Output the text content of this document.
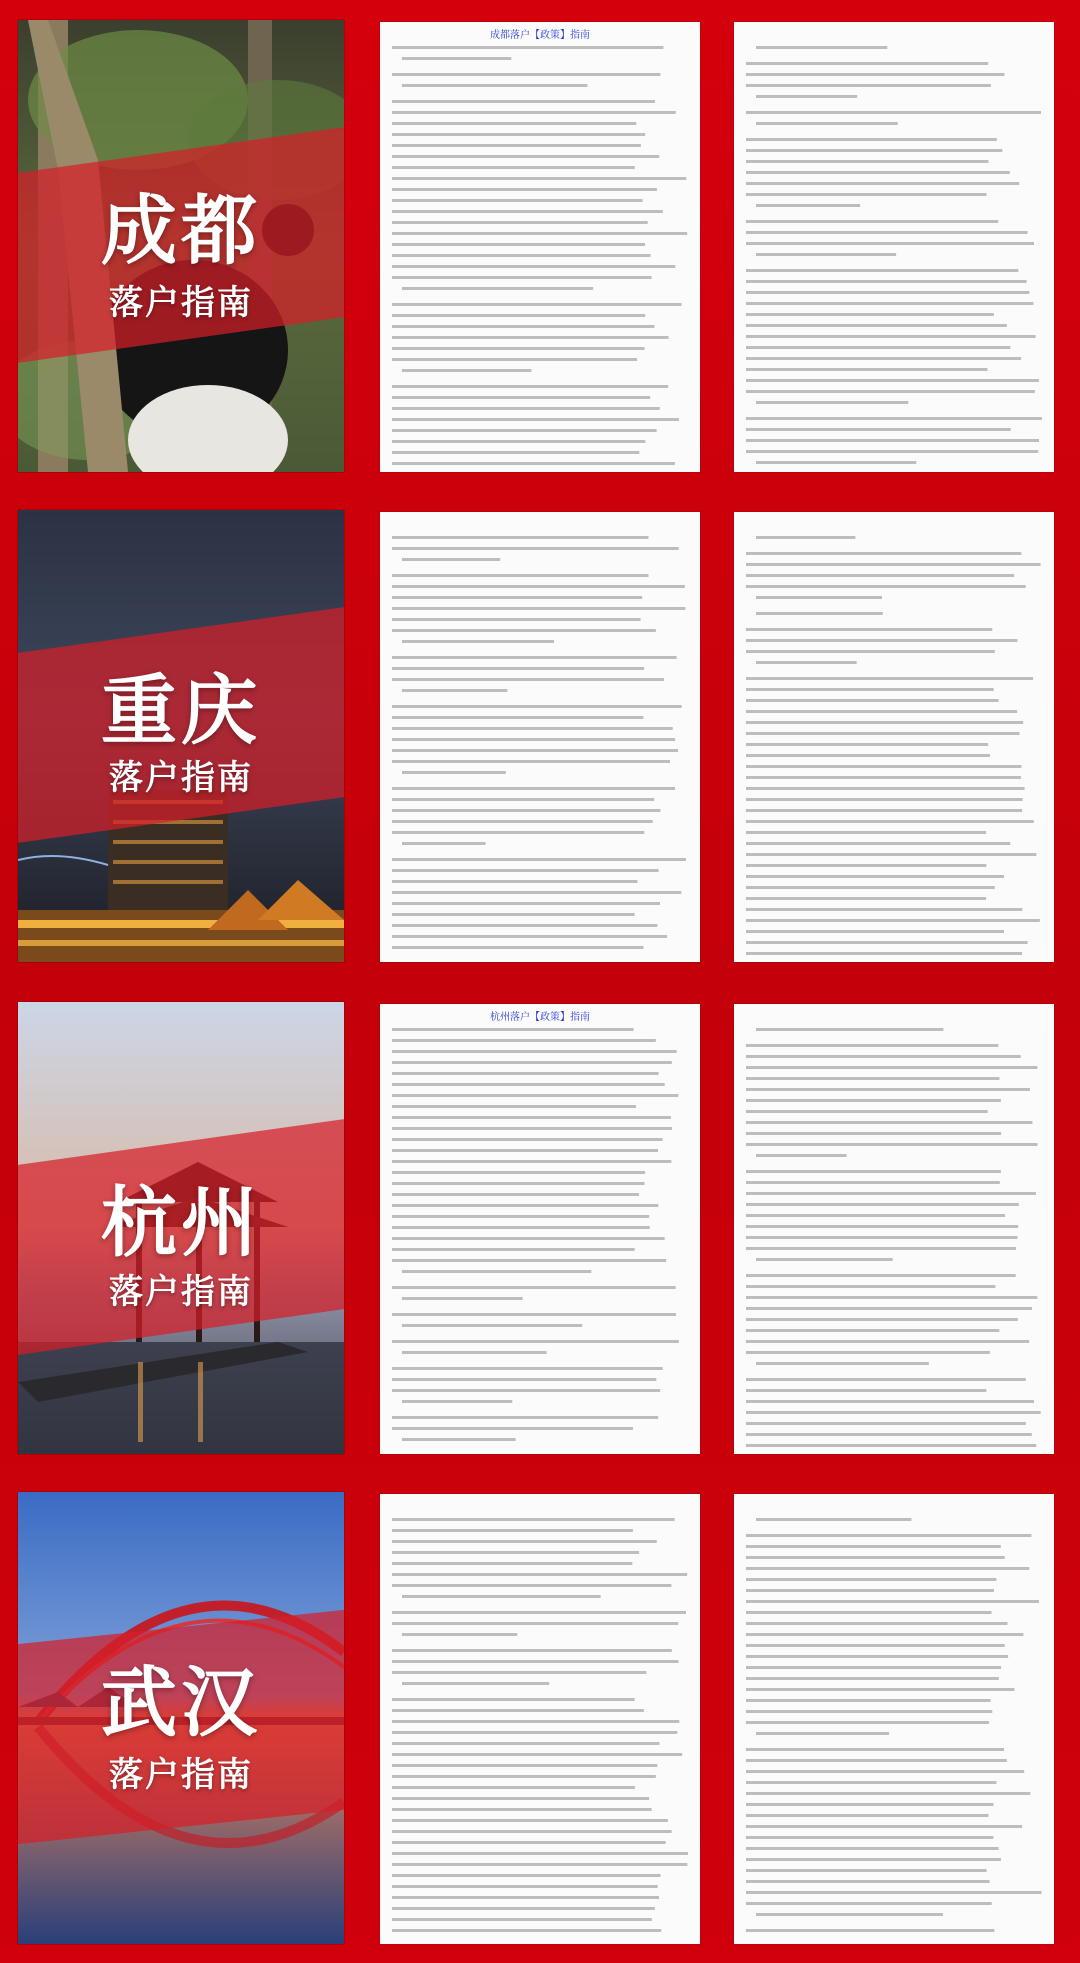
成都
落户指南
成都落户【政策】指南
重庆
落户指南
杭州
落户指南
杭州落户【政策】指南
武汉
落户指南
